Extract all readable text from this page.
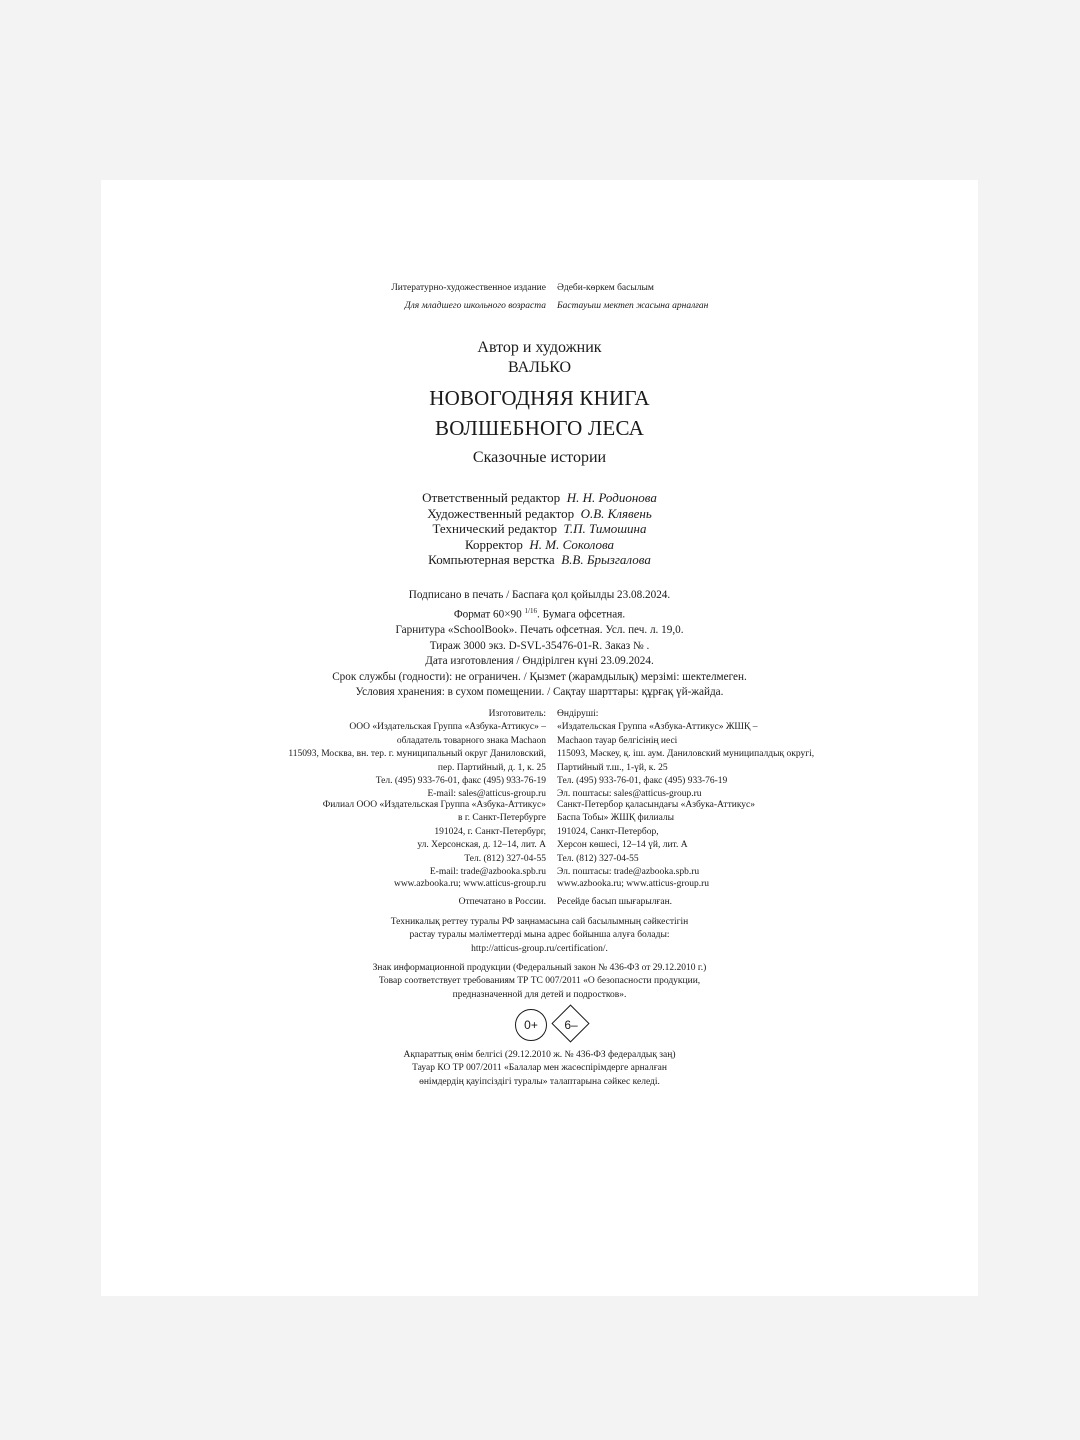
Литературно-художественное издание Әдеби-көркем басылым
Для младшего школьного возраста Бастауыш мектеп жасына арналған
Автор и художник
ВАЛЬКО
НОВОГОДНЯЯ КНИГА
ВОЛШЕБНОГО ЛЕСА
Сказочные истории
Ответственный редактор Н. Н. Родионова
Художественный редактор О.В. Клявень
Технический редактор Т.П. Тимошина
Корректор Н. М. Соколова
Компьютерная верстка В.В. Брызгалова
Подписано в печать / Баспаға қол қойылды 23.08.2024.
Формат 60×90 $^{1/16}$. Бумага офсетная.
Гарнитура «SchoolBook». Печать офсетная. Усл. печ. л. 19,0.
Тираж 3000 экз. D-SVL-35476-01-R. Заказ № .
Дата изготовления / Өндірілген күні 23.09.2024.
Срок службы (годности): не ограничен. / Қызмет (жарамдылық) мерзімі: шектелмеген.
Условия хранения: в сухом помещении. / Сақтау шарттары: құрғақ үй-жайда.
Изготовитель:
ООО «Издательская Группа «Азбука-Аттикус» –
обладатель товарного знака Machaon
115093, Москва, вн. тер. г. муниципальный округ Даниловский,
пер. Партийный, д. 1, к. 25
Тел. (495) 933-76-01, факс (495) 933-76-19
E-mail: sales@atticus-group.ru
Өндіруші:
«Издательская Группа «Азбука-Аттикус» ЖШҚ –
Machaon тауар белгісінің иесі
115093, Мәскеу, қ. іш. аум. Даниловский муниципалдық округі,
Партийный т.ш., 1-үй, к. 25
Тел. (495) 933-76-01, факс (495) 933-76-19
Эл. поштасы: sales@atticus-group.ru
Филиал ООО «Издательская Группа «Азбука-Аттикус»
в г. Санкт-Петербурге
191024, г. Санкт-Петербург,
ул. Херсонская, д. 12–14, лит. А
Тел. (812) 327-04-55
E-mail: trade@azbooka.spb.ru
Санкт-Петербор қаласындағы «Азбука-Аттикус»
Баспа Тобы» ЖШҚ филиалы
191024, Санкт-Петербор,
Херсон көшесі, 12–14 үй, лит. А
Тел. (812) 327-04-55
Эл. поштасы: trade@azbooka.spb.ru
www.azbooka.ru; www.atticus-group.ru www.azbooka.ru; www.atticus-group.ru
Отпечатано в России. Ресейде басып шығарылған.
Техникалық реттеу туралы РФ заңнамасына сай басылымның сәйкестігін
растау туралы мәліметтерді мына адрес бойынша алуға болады:
http://atticus-group.ru/certification/.
Знак информационной продукции (Федеральный закон № 436-ФЗ от 29.12.2010 г.)
Товар соответствует требованиям ТР ТС 007/2011 «О безопасности продукции,
предназначенной для детей и подростков».
0+	6–
Ақпараттық өнім белгісі (29.12.2010 ж. № 436-ФЗ федералдық заң)
Тауар КО ТР 007/2011 «Балалар мен жасөспірімдерге арналған
өнімдердің қауіпсіздігі туралы» талаптарына сәйкес келеді.
